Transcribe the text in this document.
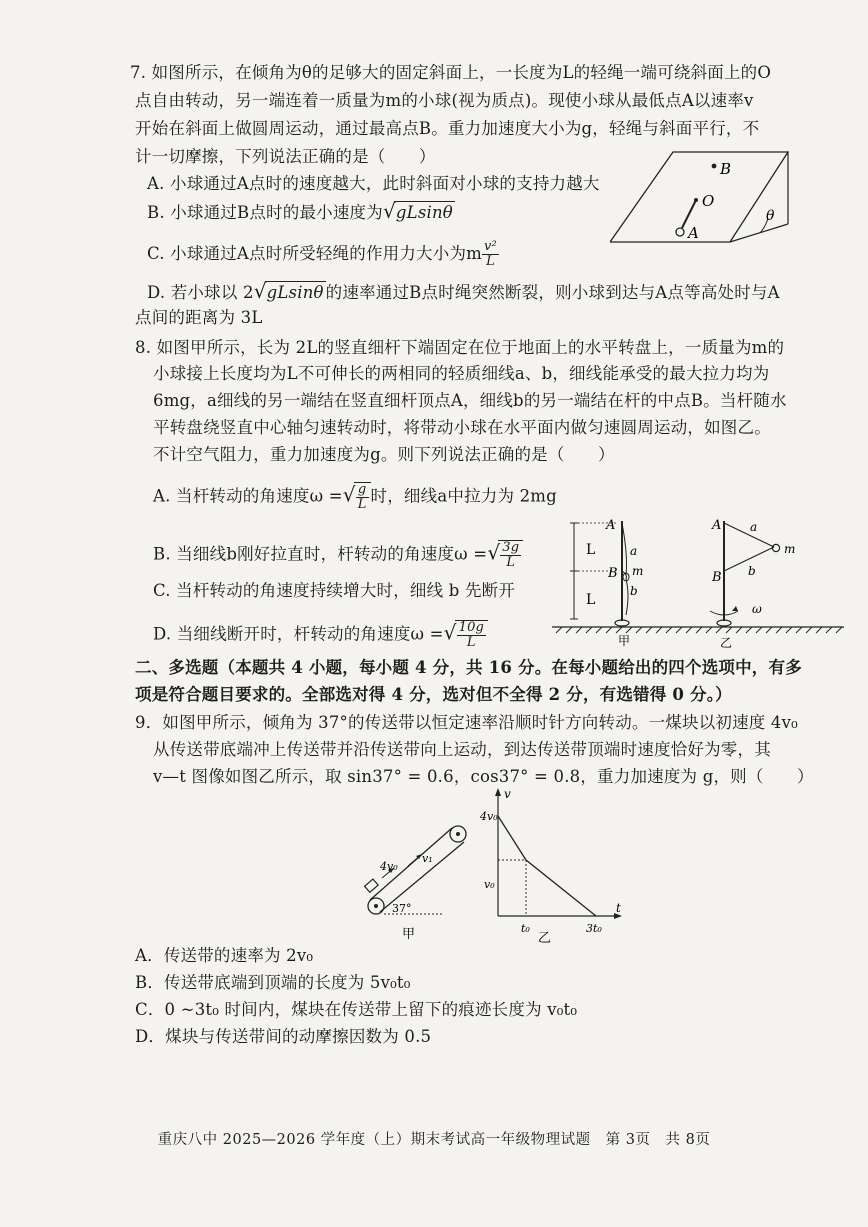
7. 如图所示，在倾角为θ的足够大的固定斜面上，一长度为L的轻绳一端可绕斜面上的O
点自由转动，另一端连着一质量为m的小球(视为质点)。现使小球从最低点A以速率v
开始在斜面上做圆周运动，通过最高点B。重力加速度大小为g，轻绳与斜面平行，不
计一切摩擦，下列说法正确的是（　　）
A. 小球通过A点时的速度越大，此时斜面对小球的支持力越大
B. 小球通过B点时的最小速度为√gLsinθ
C. 小球通过A点时所受轻绳的作用力大小为m $\frac{\text{v²}}{L}$
D. 若小球以 2√gLsinθ 的速率通过B点时绳突然断裂，则小球到达与A点等高处时与A
点间的距离为 3L
B
O
A
θ
8. 如图甲所示，长为 2L的竖直细杆下端固定在位于地面上的水平转盘上，一质量为m的
小球接上长度均为L不可伸长的两相同的轻质细线a、b，细线能承受的最大拉力均为
6mg，a细线的另一端结在竖直细杆顶点A，细线b的另一端结在杆的中点B。当杆随水
平转盘绕竖直中心轴匀速转动时，将带动小球在水平面内做匀速圆周运动，如图乙。
不计空气阻力，重力加速度为g。则下列说法正确的是（　　）
A. 当杆转动的角速度ω =√
$\frac{g}{L}$ 时，细线a中拉力为 2mg
B. 当细线b刚好拉直时，杆转动的角速度ω =√
$\frac{3g}{L}$
C. 当杆转动的角速度持续增大时，细线 b 先断开
D. 当细线断开时，杆转动的角速度ω =√
$\frac{10g}{L}$
L
L
A
B
a
m
b
甲
A
B
a
b
m
ω
乙
二、多选题（本题共 4 小题，每小题 4 分，共 16 分。在每小题给出的四个选项中，有多
项是符合题目要求的。全部选对得 4 分，选对但不全得 2 分，有选错得 0 分。）
9．如图甲所示，倾角为 37°的传送带以恒定速率沿顺时针方向转动。一煤块以初速度 4v₀
从传送带底端冲上传送带并沿传送带向上运动，到达传送带顶端时速度恰好为零，其
v—t 图像如图乙所示，取 sin37° = 0.6，cos37° = 0.8，重力加速度为 g，则（　　）
4v₀
v₁
37°
甲
v
t
4v₀
v₀
t₀	3t₀
乙
A．传送带的速率为 2v₀
B．传送带底端到顶端的长度为 5v₀t₀
C．0 ~3t₀ 时间内，煤块在传送带上留下的痕迹长度为 v₀t₀
D．煤块与传送带间的动摩擦因数为 0.5
重庆八中 2025—2026 学年度（上）期末考试高一年级物理试题　第 3页　共 8页
